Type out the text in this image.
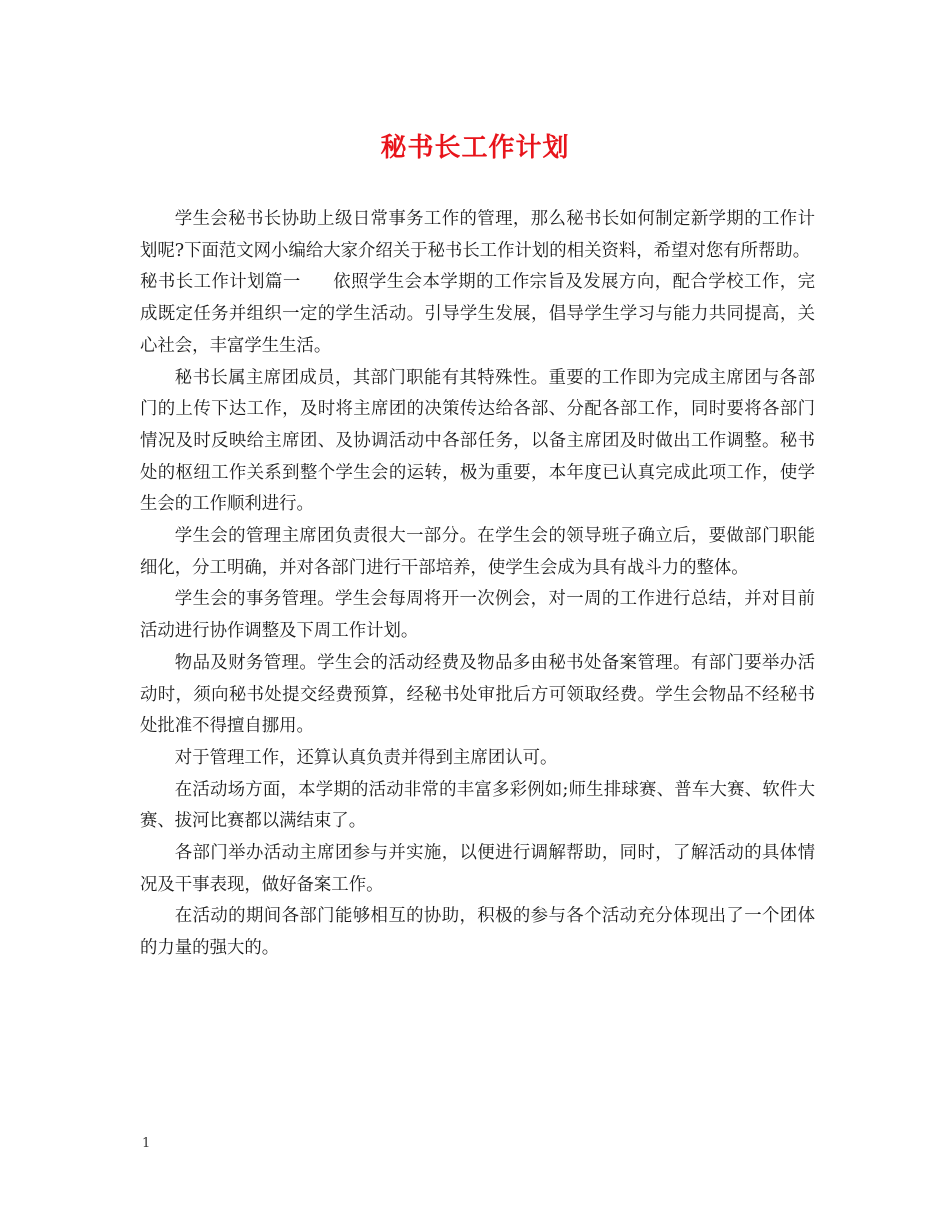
秘书长工作计划

学生会秘书长协助上级日常事务工作的管理，那么秘书长如何制定新学期的工作计划呢?下面范文网小编给大家介绍关于秘书长工作计划的相关资料，希望对您有所帮助。

秘书长工作计划篇一 依照学生会本学期的工作宗旨及发展方向，配合学校工作，完成既定任务并组织一定的学生活动。引导学生发展，倡导学生学习与能力共同提高，关心社会，丰富学生生活。

秘书长属主席团成员，其部门职能有其特殊性。重要的工作即为完成主席团与各部门的上传下达工作，及时将主席团的决策传达给各部、分配各部工作，同时要将各部门情况及时反映给主席团、及协调活动中各部任务，以备主席团及时做出工作调整。秘书处的枢纽工作关系到整个学生会的运转，极为重要，本年度已认真完成此项工作，使学生会的工作顺利进行。

学生会的管理主席团负责很大一部分。在学生会的领导班子确立后，要做部门职能细化，分工明确，并对各部门进行干部培养，使学生会成为具有战斗力的整体。

学生会的事务管理。学生会每周将开一次例会，对一周的工作进行总结，并对目前活动进行协作调整及下周工作计划。

物品及财务管理。学生会的活动经费及物品多由秘书处备案管理。有部门要举办活动时，须向秘书处提交经费预算，经秘书处审批后方可领取经费。学生会物品不经秘书处批准不得擅自挪用。

对于管理工作，还算认真负责并得到主席团认可。

在活动场方面，本学期的活动非常的丰富多彩例如;师生排球赛、普车大赛、软件大赛、拔河比赛都以满结束了。

各部门举办活动主席团参与并实施，以便进行调解帮助，同时，了解活动的具体情况及干事表现，做好备案工作。

在活动的期间各部门能够相互的协助，积极的参与各个活动充分体现出了一个团体的力量的强大的。

1
